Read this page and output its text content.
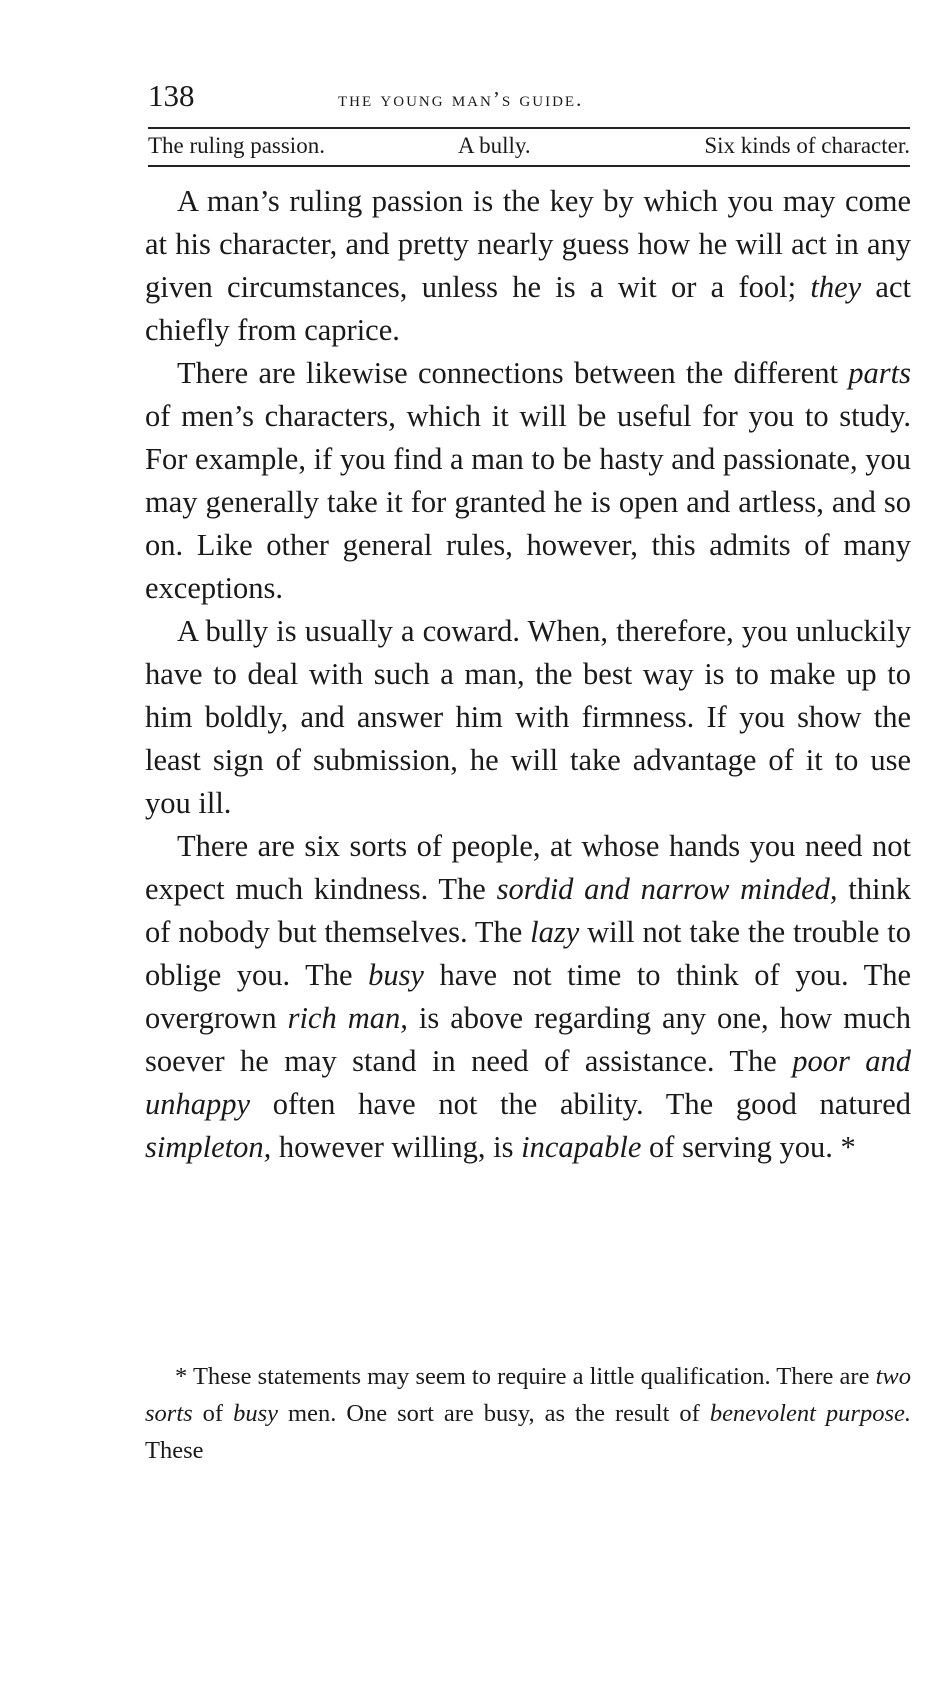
138	the young man’s guide.
The ruling passion.	A bully.	Six kinds of character.

A man’s ruling passion is the key by which you may come at his character, and pretty nearly guess how he will act in any given circumstances, unless he is a wit or a fool; they act chiefly from caprice.

There are likewise connections between the different parts of men’s characters, which it will be useful for you to study. For example, if you find a man to be hasty and passionate, you may generally take it for granted he is open and artless, and so on. Like other general rules, however, this admits of many exceptions.

A bully is usually a coward. When, therefore, you unluckily have to deal with such a man, the best way is to make up to him boldly, and answer him with firmness. If you show the least sign of submission, he will take advantage of it to use you ill.

There are six sorts of people, at whose hands you need not expect much kindness. The sordid and narrow minded, think of nobody but themselves. The lazy will not take the trouble to oblige you. The busy have not time to think of you. The overgrown rich man, is above regarding any one, how much soever he may stand in need of assistance. The poor and unhappy often have not the ability. The good natured simpleton, however willing, is incapable of serving you. *

* These statements may seem to require a little qualification. There are two sorts of busy men. One sort are busy, as the result of benevolent purpose. These
